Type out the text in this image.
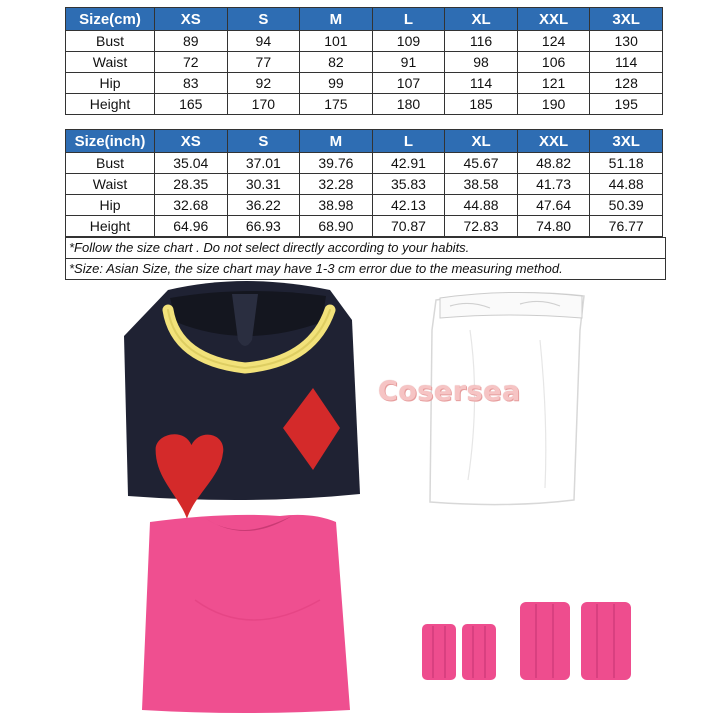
Size(cm)	XS	S	M	L	XL	XXL	3XL
Bust	89	94	101	109	116	124	130
Waist	72	77	82	91	98	106	114
Hip	83	92	99	107	114	121	128
Height	165	170	175	180	185	190	195
Size(inch)	XS	S	M	L	XL	XXL	3XL
Bust	35.04	37.01	39.76	42.91	45.67	48.82	51.18
Waist	28.35	30.31	32.28	35.83	38.58	41.73	44.88
Hip	32.68	36.22	38.98	42.13	44.88	47.64	50.39
Height	64.96	66.93	68.90	70.87	72.83	74.80	76.77
*Follow the size chart . Do not select directly according to your habits.
*Size: Asian Size, the size chart may have 1-3 cm error due to the measuring method.
Cosersea
